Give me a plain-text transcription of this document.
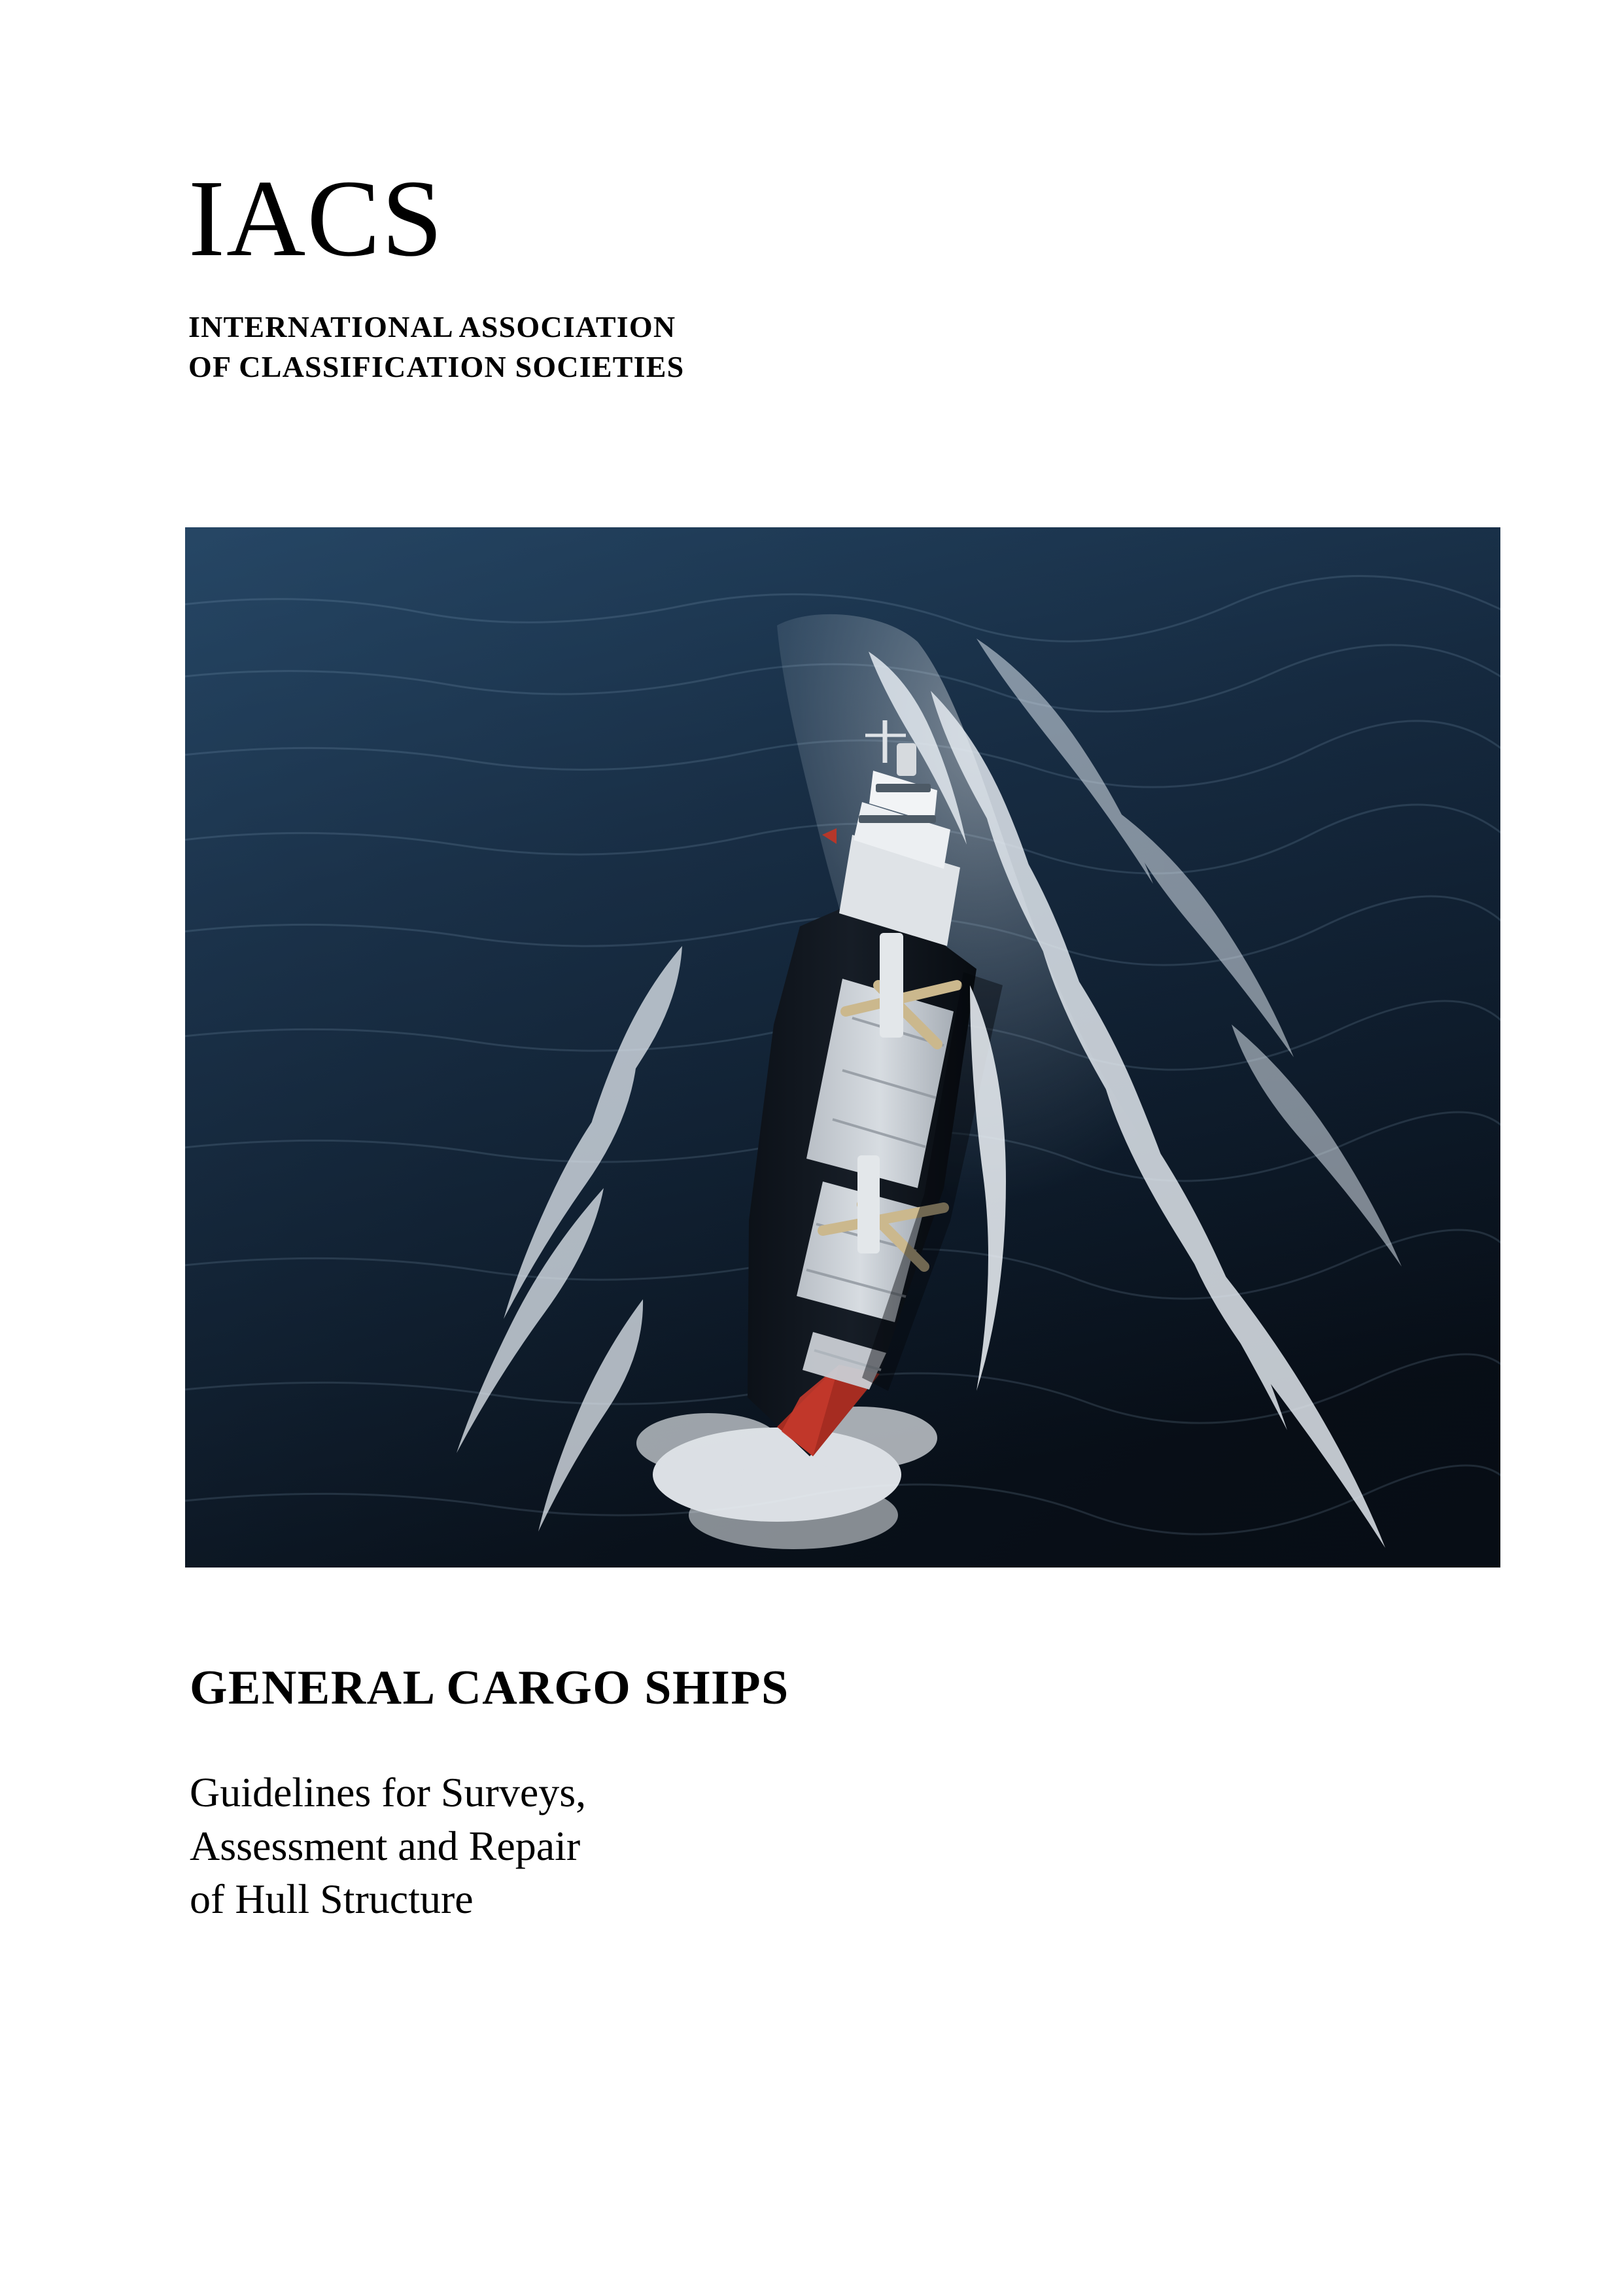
IACS
INTERNATIONAL ASSOCIATION
OF CLASSIFICATION SOCIETIES
GENERAL CARGO SHIPS
Guidelines for Surveys,
Assessment and Repair
of Hull Structure
